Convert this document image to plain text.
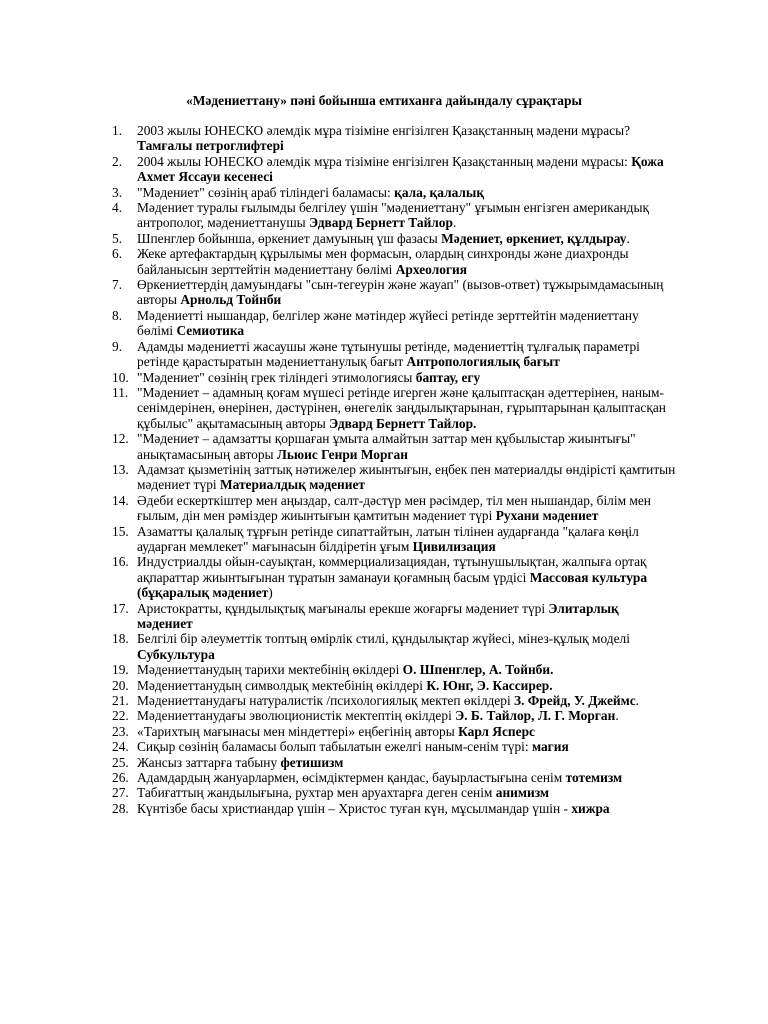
«Мәдениеттану» пәні бойынша емтиханға дайындалу сұрақтары
1.	2003 жылы ЮНЕСКО әлемдік мұра тізіміне енгізілген Қазақстанның мәдени мұрасы? Тамғалы петроглифтері
2.	2004 жылы ЮНЕСКО әлемдік мұра тізіміне енгізілген Қазақстанның мәдени мұрасы: Қожа Ахмет Яссауи кесенесі
3.	"Мәдениет" сөзінің араб тіліндегі баламасы: қала, қалалық
4.	Мәдениет туралы ғылымды белгілеу үшін "мәдениеттану" ұғымын енгізген американдық антрополог, мәдениеттанушы Эдвард Бернетт Тайлор.
5.	Шпенглер бойынша, өркениет дамуының үш фазасы Мәдениет, өркениет, құлдырау.
6.	Жеке артефактардың құрылымы мен формасын, олардың синхронды және диахронды байланысын зерттейтін мәдениеттану бөлімі Археология
7.	Өркениеттердің дамуындағы "сын-тегеурін және жауап" (вызов-ответ) тұжырымдамасының авторы Арнольд Тойнби
8.	Мәдениетті нышандар, белгілер және мәтіндер жүйесі ретінде зерттейтін мәдениеттану бөлімі Семиотика
9.	Адамды мәдениетті жасаушы және тұтынушы ретінде, мәдениеттің тұлғалық параметрі ретінде қарастыратын мәдениеттанулық бағыт Антропологиялық бағыт
10. "Мәдениет" сөзінің грек тіліндегі этимологиясы баптау, егу
11. "Мәдениет – адамның қоғам мүшесі ретінде игерген және қалыптасқан әдеттерінен, наным-сенімдерінен, өнерінен, дәстүрінен, өнегелік заңдылықтарынан, ғұрыптарынан қалыптасқан құбылыс" ақытамасының авторы Эдвард Бернетт Тайлор.
12. "Мәдениет – адамзатты қоршаған ұмыта алмайтын заттар мен құбылыстар жиынтығы" анықтамасының авторы Льюис Генри Морган
13. Адамзат қызметінің заттық нәтижелер жиынтығын, еңбек пен материалды өндірісті қамтитын мәдениет түрі Материалдық мәдениет
14. Әдеби ескерткіштер мен аңыздар, салт-дәстүр мен рәсімдер, тіл мен нышандар, білім мен ғылым, дін мен рәміздер жиынтығын қамтитын мәдениет түрі Рухани мәдениет
15. Азаматты қалалық тұрғын ретінде сипаттайтын, латын тілінен аударғанда "қалаға көңіл аударған мемлекет" мағынасын білдіретін ұғым Цивилизация
16. Индустриалды ойын-сауықтан, коммерциализациядан, тұтынушылықтан, жалпыға ортақ ақпараттар жиынтығынан тұратын заманауи қоғамның басым үрдісі Массовая культура (бұқаралық мәдениет)
17. Аристократты, құндылықтық мағыналы ерекше жоғарғы мәдениет түрі Элитарлық мәдениет
18. Белгілі бір әлеуметтік топтың өмірлік стилі, құндылықтар жүйесі, мінез-құлық моделі Субкультура
19. Мәдениеттанудың тарихи мектебінің өкілдері О. Шпенглер, А. Тойнби.
20. Мәдениеттанудың символдық мектебінің өкілдері К. Юнг, Э. Кассирер.
21. Мәдениеттанудағы натуралистік /психологиялық мектеп өкілдері З. Фрейд, У. Джеймс.
22. Мәдениеттанудағы эволюционистік мектептің өкілдері Э. Б. Тайлор, Л. Г. Морган.
23. «Тарихтың мағынасы мен міндеттері» еңбегінің авторы Карл Ясперс
24. Сиқыр сөзінің баламасы болып табылатын ежелгі наным-сенім түрі: магия
25. Жансыз заттарға табыну фетишизм
26. Адамдардың жануарлармен, өсімдіктермен қандас, бауырластығына сенім тотемизм
27. Табиғаттың жандылығына, рухтар мен аруахтарға деген сенім анимизм
28. Күнтізбе басы христиандар үшін – Христос туған күн, мұсылмандар үшін - хижра
